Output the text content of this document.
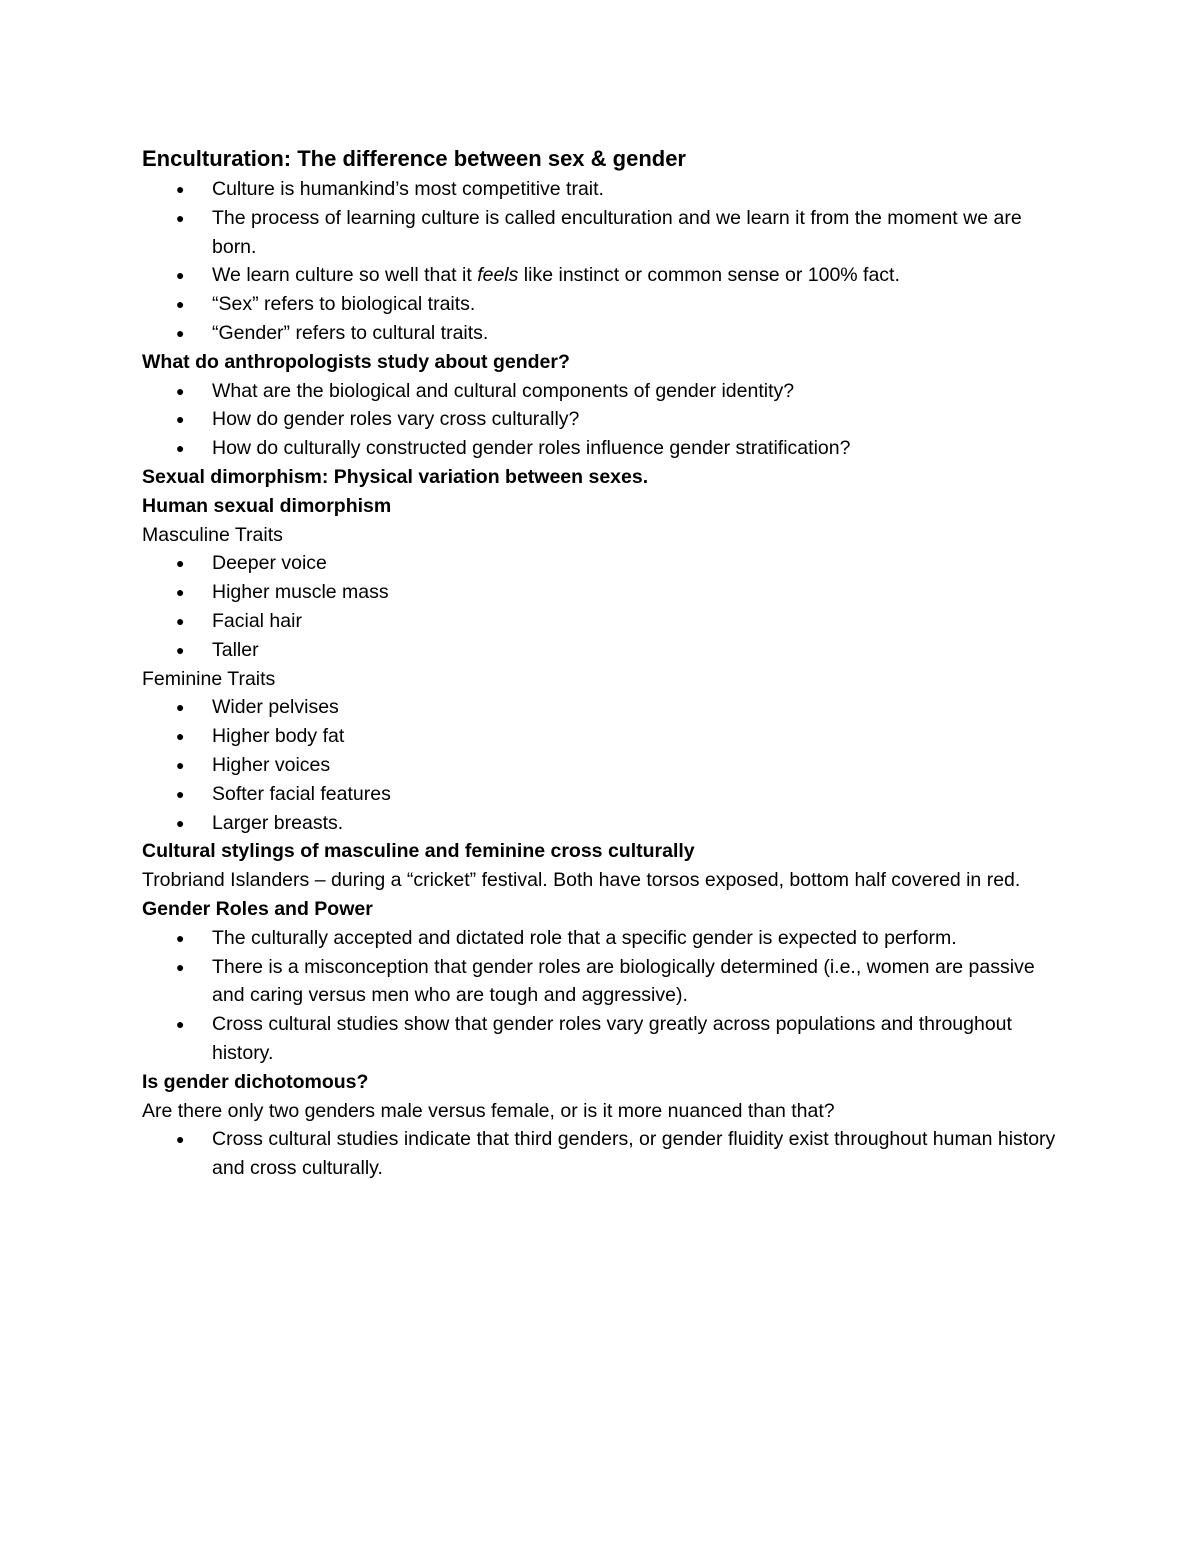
Enculturation: The difference between sex & gender

● Culture is humankind’s most competitive trait.
● The process of learning culture is called enculturation and we learn it from the moment we are born.
● We learn culture so well that it feels like instinct or common sense or 100% fact.
● “Sex” refers to biological traits.
● “Gender” refers to cultural traits.

What do anthropologists study about gender?

● What are the biological and cultural components of gender identity?
● How do gender roles vary cross culturally?
● How do culturally constructed gender roles influence gender stratification?

Sexual dimorphism: Physical variation between sexes.

Human sexual dimorphism

Masculine Traits

● Deeper voice
● Higher muscle mass
● Facial hair
● Taller

Feminine Traits

● Wider pelvises
● Higher body fat
● Higher voices
● Softer facial features
● Larger breasts.

Cultural stylings of masculine and feminine cross culturally

Trobriand Islanders – during a “cricket” festival. Both have torsos exposed, bottom half covered in red.

Gender Roles and Power

● The culturally accepted and dictated role that a specific gender is expected to perform.
● There is a misconception that gender roles are biologically determined (i.e., women are passive and caring versus men who are tough and aggressive).
● Cross cultural studies show that gender roles vary greatly across populations and throughout history.

Is gender dichotomous?

Are there only two genders male versus female, or is it more nuanced than that?

● Cross cultural studies indicate that third genders, or gender fluidity exist throughout human history and cross culturally.
